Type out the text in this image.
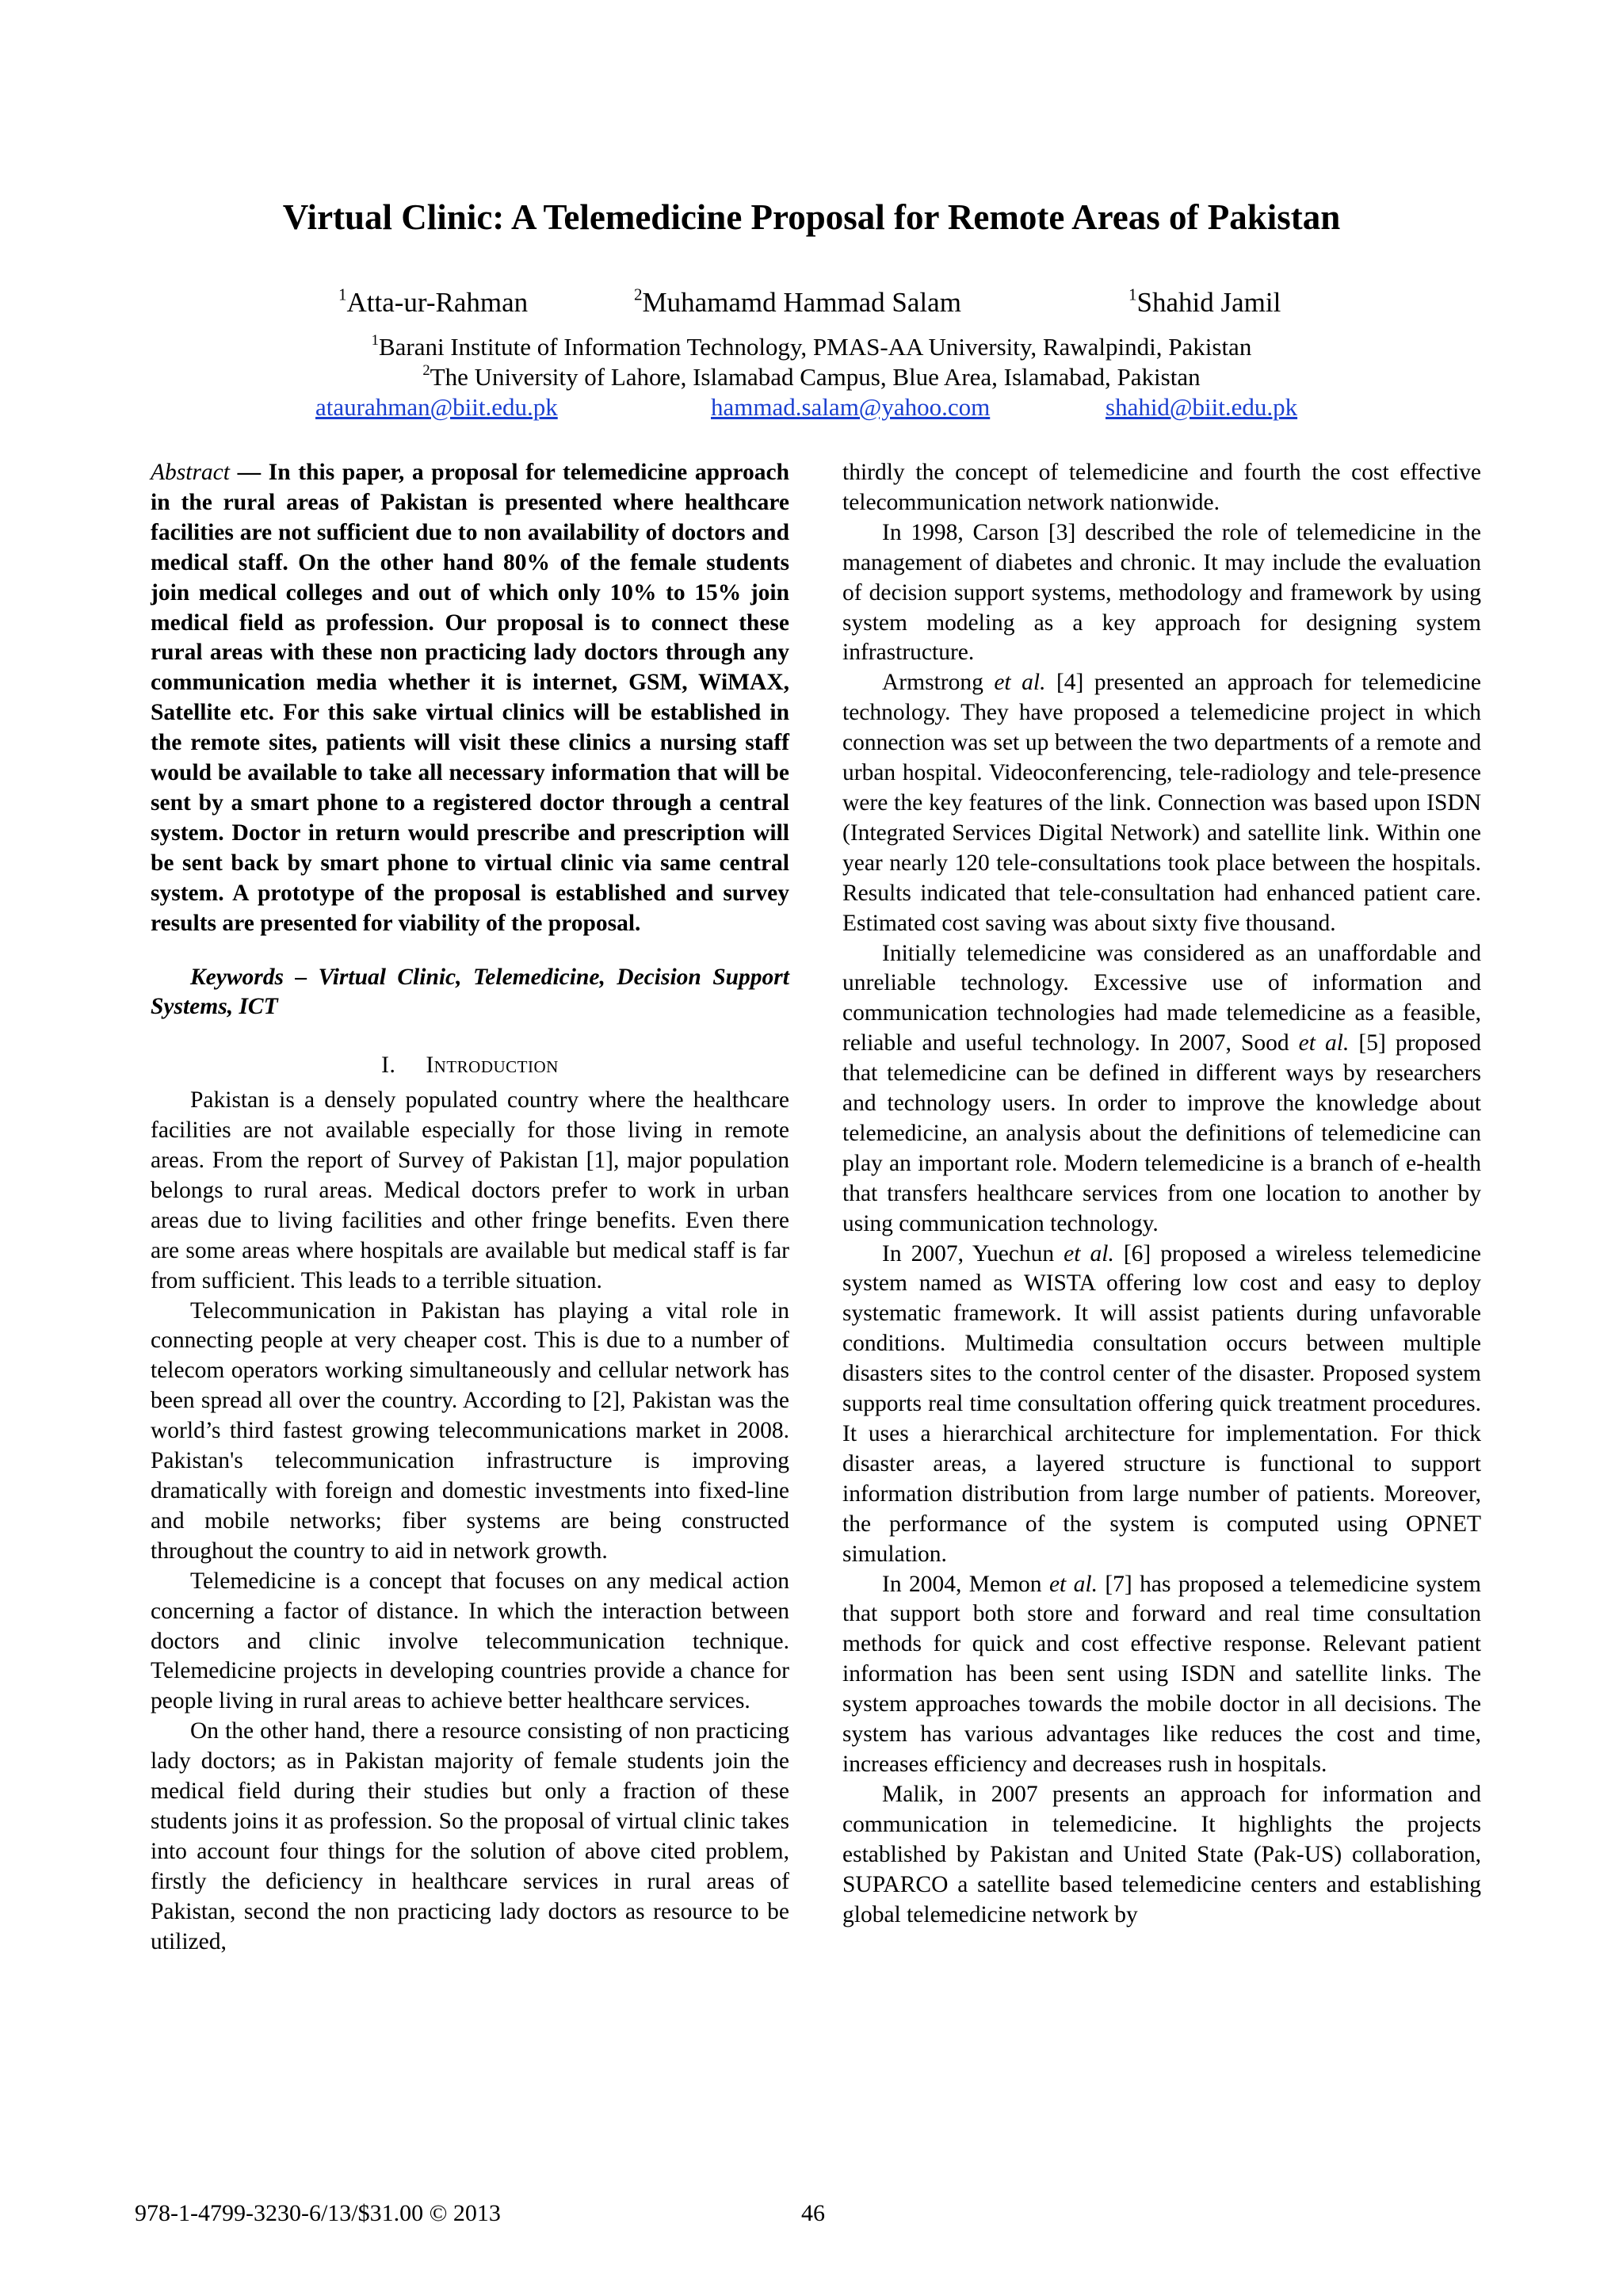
Virtual Clinic: A Telemedicine Proposal for Remote Areas of Pakistan
$^1$Atta-ur-Rahman	$^2$Muhamamd Hammad Salam	$^1$Shahid Jamil
$^1$Barani Institute of Information Technology, PMAS-AA University, Rawalpindi, Pakistan
$^2$The University of Lahore, Islamabad Campus, Blue Area, Islamabad, Pakistan
ataurahman@biit.edu.pk	hammad.salam@yahoo.com	shahid@biit.edu.pk

Abstract — In this paper, a proposal for telemedicine approach in the rural areas of Pakistan is presented where healthcare facilities are not sufficient due to non availability of doctors and medical staff. On the other hand 80% of the female students join medical colleges and out of which only 10% to 15% join medical field as profession. Our proposal is to connect these rural areas with these non practicing lady doctors through any communication media whether it is internet, GSM, WiMAX, Satellite etc. For this sake virtual clinics will be established in the remote sites, patients will visit these clinics a nursing staff would be available to take all necessary information that will be sent by a smart phone to a registered doctor through a central system. Doctor in return would prescribe and prescription will be sent back by smart phone to virtual clinic via same central system. A prototype of the proposal is established and survey results are presented for viability of the proposal.

Keywords – Virtual Clinic, Telemedicine, Decision Support Systems, ICT

I. Introduction

Pakistan is a densely populated country where the healthcare facilities are not available especially for those living in remote areas. From the report of Survey of Pakistan [1], major population belongs to rural areas. Medical doctors prefer to work in urban areas due to living facilities and other fringe benefits. Even there are some areas where hospitals are available but medical staff is far from sufficient. This leads to a terrible situation.

Telecommunication in Pakistan has playing a vital role in connecting people at very cheaper cost. This is due to a number of telecom operators working simultaneously and cellular network has been spread all over the country. According to [2], Pakistan was the world’s third fastest growing telecommunications market in 2008. Pakistan's telecommunication infrastructure is improving dramatically with foreign and domestic investments into fixed-line and mobile networks; fiber systems are being constructed throughout the country to aid in network growth.

Telemedicine is a concept that focuses on any medical action concerning a factor of distance. In which the interaction between doctors and clinic involve telecommunication technique. Telemedicine projects in developing countries provide a chance for people living in rural areas to achieve better healthcare services.

On the other hand, there a resource consisting of non practicing lady doctors; as in Pakistan majority of female students join the medical field during their studies but only a fraction of these students joins it as profession. So the proposal of virtual clinic takes into account four things for the solution of above cited problem, firstly the deficiency in healthcare services in rural areas of Pakistan, second the non practicing lady doctors as resource to be utilized,

thirdly the concept of telemedicine and fourth the cost effective telecommunication network nationwide.

In 1998, Carson [3] described the role of telemedicine in the management of diabetes and chronic. It may include the evaluation of decision support systems, methodology and framework by using system modeling as a key approach for designing system infrastructure.

Armstrong et al. [4] presented an approach for telemedicine technology. They have proposed a telemedicine project in which connection was set up between the two departments of a remote and urban hospital. Videoconferencing, tele-radiology and tele-presence were the key features of the link. Connection was based upon ISDN (Integrated Services Digital Network) and satellite link. Within one year nearly 120 tele-consultations took place between the hospitals. Results indicated that tele-consultation had enhanced patient care. Estimated cost saving was about sixty five thousand.

Initially telemedicine was considered as an unaffordable and unreliable technology. Excessive use of information and communication technologies had made telemedicine as a feasible, reliable and useful technology. In 2007, Sood et al. [5] proposed that telemedicine can be defined in different ways by researchers and technology users. In order to improve the knowledge about telemedicine, an analysis about the definitions of telemedicine can play an important role. Modern telemedicine is a branch of e-health that transfers healthcare services from one location to another by using communication technology.

In 2007, Yuechun et al. [6] proposed a wireless telemedicine system named as WISTA offering low cost and easy to deploy systematic framework. It will assist patients during unfavorable conditions. Multimedia consultation occurs between multiple disasters sites to the control center of the disaster. Proposed system supports real time consultation offering quick treatment procedures. It uses a hierarchical architecture for implementation. For thick disaster areas, a layered structure is functional to support information distribution from large number of patients. Moreover, the performance of the system is computed using OPNET simulation.

In 2004, Memon et al. [7] has proposed a telemedicine system that support both store and forward and real time consultation methods for quick and cost effective response. Relevant patient information has been sent using ISDN and satellite links. The system approaches towards the mobile doctor in all decisions. The system has various advantages like reduces the cost and time, increases efficiency and decreases rush in hospitals.

Malik, in 2007 presents an approach for information and communication in telemedicine. It highlights the projects established by Pakistan and United State (Pak-US) collaboration, SUPARCO a satellite based telemedicine centers and establishing global telemedicine network by

978-1-4799-3230-6/13/$31.00 © 2013	46
